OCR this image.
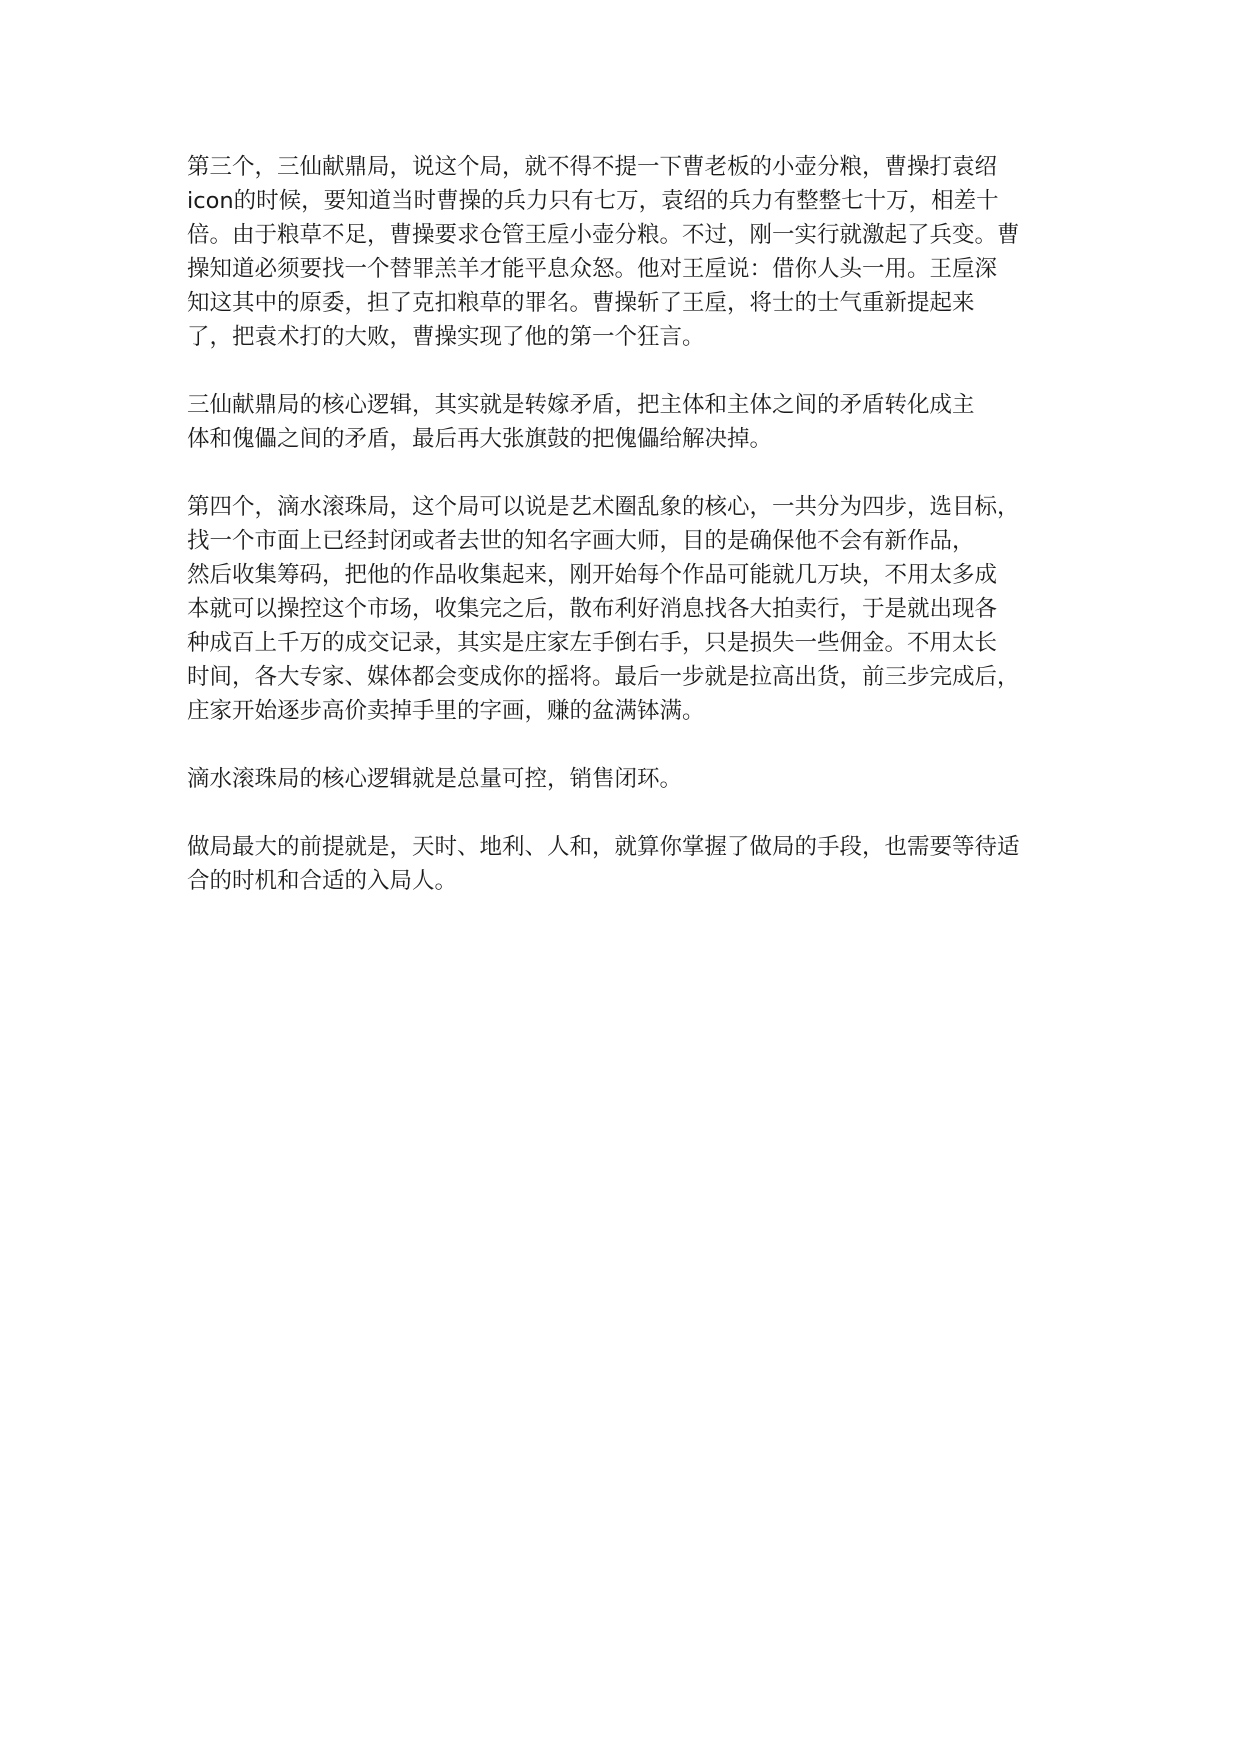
第三个，三仙献鼎局，说这个局，就不得不提一下曹老板的小壶分粮，曹操打袁绍
icon的时候，要知道当时曹操的兵力只有七万，袁绍的兵力有整整七十万，相差十
倍。由于粮草不足，曹操要求仓管王垕小壶分粮。不过，刚一实行就激起了兵变。曹
操知道必须要找一个替罪羔羊才能平息众怒。他对王垕说：借你人头一用。王垕深
知这其中的原委，担了克扣粮草的罪名。曹操斩了王垕，将士的士气重新提起来
了，把袁术打的大败，曹操实现了他的第一个狂言。

三仙献鼎局的核心逻辑，其实就是转嫁矛盾，把主体和主体之间的矛盾转化成主
体和傀儡之间的矛盾，最后再大张旗鼓的把傀儡给解决掉。

第四个，滴水滚珠局，这个局可以说是艺术圈乱象的核心，一共分为四步，选目标，
找一个市面上已经封闭或者去世的知名字画大师，目的是确保他不会有新作品，
然后收集筹码，把他的作品收集起来，刚开始每个作品可能就几万块，不用太多成
本就可以操控这个市场，收集完之后，散布利好消息找各大拍卖行，于是就出现各
种成百上千万的成交记录，其实是庄家左手倒右手，只是损失一些佣金。不用太长
时间，各大专家、媒体都会变成你的摇将。最后一步就是拉高出货，前三步完成后，
庄家开始逐步高价卖掉手里的字画，赚的盆满钵满。

滴水滚珠局的核心逻辑就是总量可控，销售闭环。

做局最大的前提就是，天时、地利、人和，就算你掌握了做局的手段，也需要等待适
合的时机和合适的入局人。
